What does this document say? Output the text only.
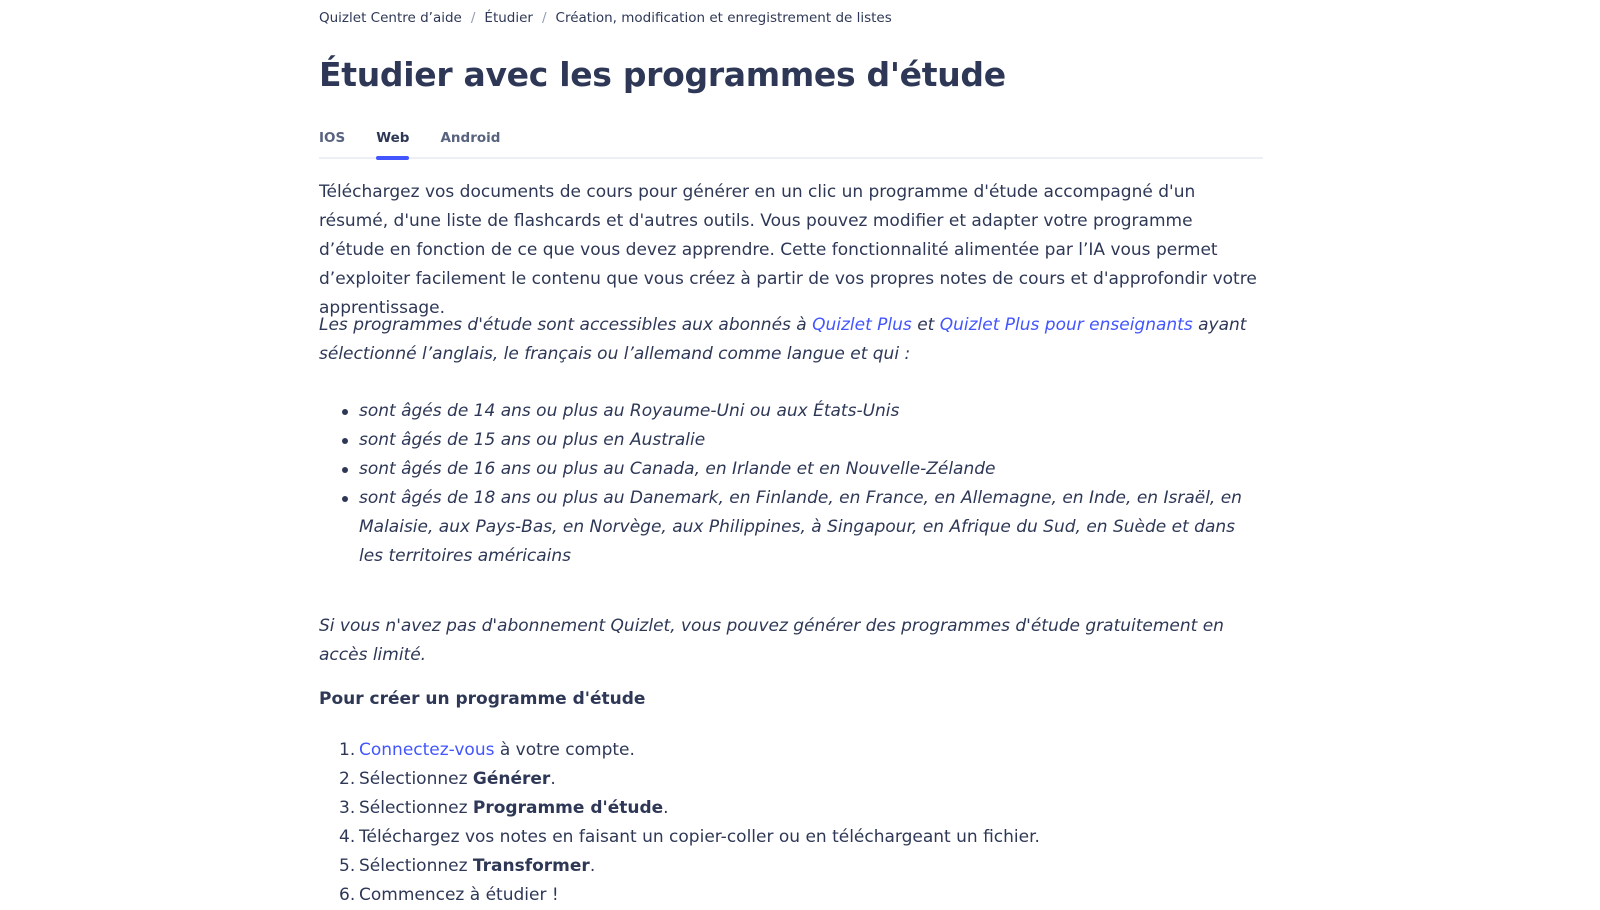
Quizlet Centre d’aide / Étudier / Création, modification et enregistrement de listes
Étudier avec les programmes d'étude
IOS Web Android

Téléchargez vos documents de cours pour générer en un clic un programme d'étude accompagné d'un résumé, d'une liste de flashcards et d'autres outils. Vous pouvez modifier et adapter votre programme d’étude en fonction de ce que vous devez apprendre. Cette fonctionnalité alimentée par l’IA vous permet d’exploiter facilement le contenu que vous créez à partir de vos propres notes de cours et d'approfondir votre apprentissage.

Les programmes d'étude sont accessibles aux abonnés à Quizlet Plus et Quizlet Plus pour enseignants ayant sélectionné l’anglais, le français ou l’allemand comme langue et qui :

sont âgés de 14 ans ou plus au Royaume-Uni ou aux États-Unis
sont âgés de 15 ans ou plus en Australie
sont âgés de 16 ans ou plus au Canada, en Irlande et en Nouvelle-Zélande
sont âgés de 18 ans ou plus au Danemark, en Finlande, en France, en Allemagne, en Inde, en Israël, en Malaisie, aux Pays-Bas, en Norvège, aux Philippines, à Singapour, en Afrique du Sud, en Suède et dans les territoires américains

Si vous n'avez pas d'abonnement Quizlet, vous pouvez générer des programmes d'étude gratuitement en accès limité.

Pour créer un programme d'étude
1. Connectez-vous à votre compte.
2. Sélectionnez Générer.
3. Sélectionnez Programme d'étude.
4. Téléchargez vos notes en faisant un copier-coller ou en téléchargeant un fichier.
5. Sélectionnez Transformer.
6. Commencez à étudier !
